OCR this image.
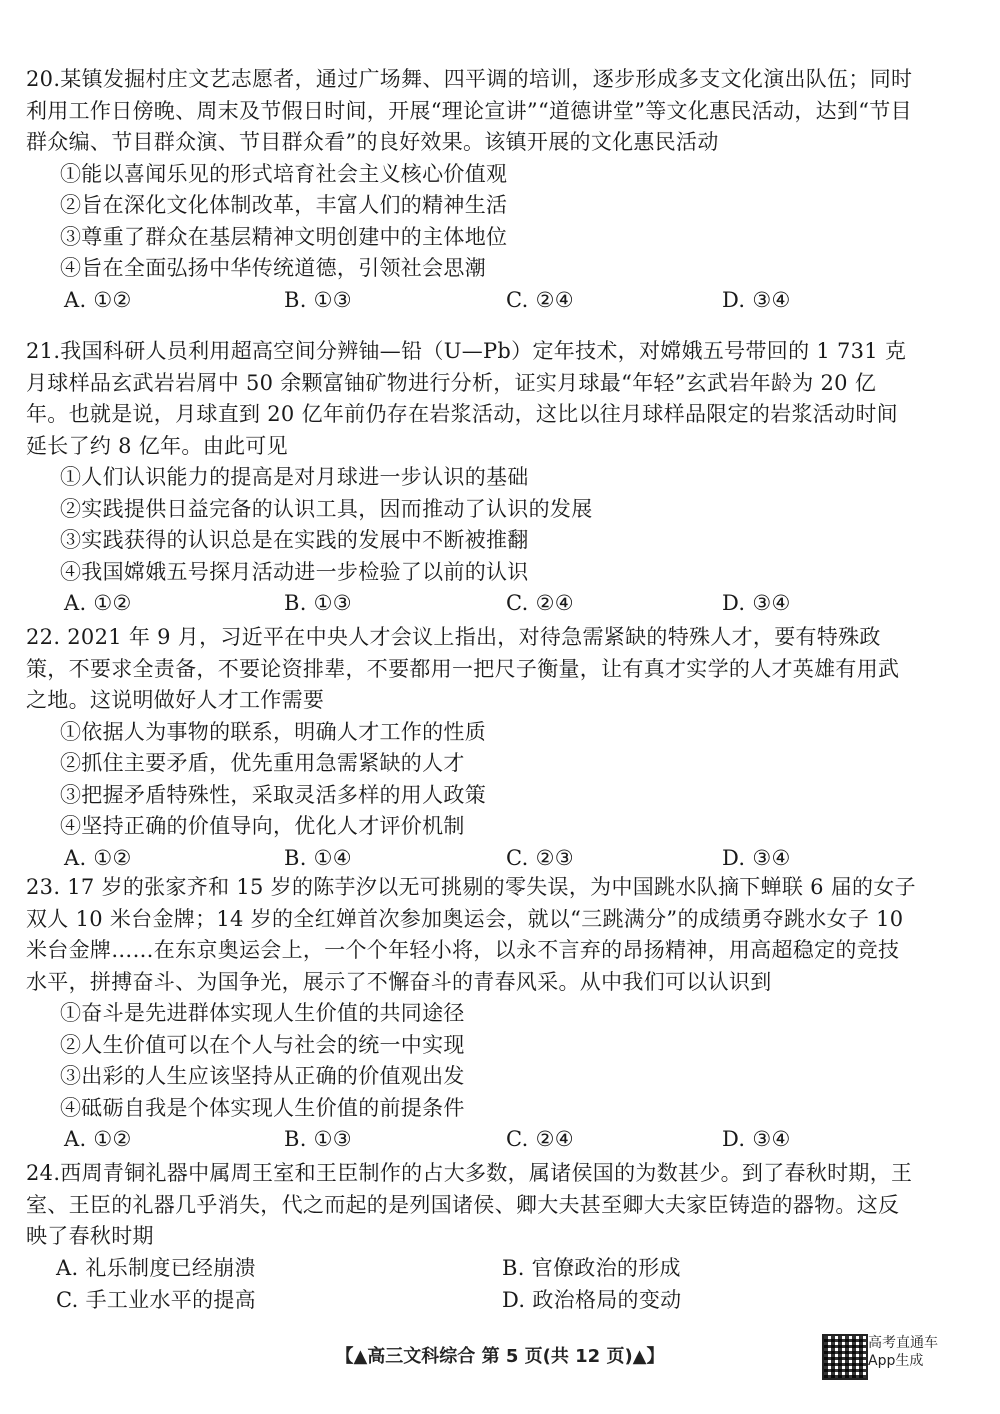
20.某镇发掘村庄文艺志愿者，通过广场舞、四平调的培训，逐步形成多支文化演出队伍；同时利用工作日傍晚、周末及节假日时间，开展“理论宣讲”“道德讲堂”等文化惠民活动，达到“节目群众编、节目群众演、节目群众看”的良好效果。该镇开展的文化惠民活动
①能以喜闻乐见的形式培育社会主义核心价值观
②旨在深化文化体制改革，丰富人们的精神生活
③尊重了群众在基层精神文明创建中的主体地位
④旨在全面弘扬中华传统道德，引领社会思潮
A. ①②	B. ①③	C. ②④	D. ③④
21.我国科研人员利用超高空间分辨铀—铅（U—Pb）定年技术，对嫦娥五号带回的 1 731 克月球样品玄武岩岩屑中 50 余颗富铀矿物进行分析，证实月球最“年轻”玄武岩年龄为 20 亿年。也就是说，月球直到 20 亿年前仍存在岩浆活动，这比以往月球样品限定的岩浆活动时间延长了约 8 亿年。由此可见
①人们认识能力的提高是对月球进一步认识的基础
②实践提供日益完备的认识工具，因而推动了认识的发展
③实践获得的认识总是在实践的发展中不断被推翻
④我国嫦娥五号探月活动进一步检验了以前的认识
A. ①②	B. ①③	C. ②④	D. ③④
22. 2021 年 9 月，习近平在中央人才会议上指出，对待急需紧缺的特殊人才，要有特殊政策，不要求全责备，不要论资排辈，不要都用一把尺子衡量，让有真才实学的人才英雄有用武之地。这说明做好人才工作需要
①依据人为事物的联系，明确人才工作的性质
②抓住主要矛盾，优先重用急需紧缺的人才
③把握矛盾特殊性，采取灵活多样的用人政策
④坚持正确的价值导向，优化人才评价机制
A. ①②	B. ①④	C. ②③	D. ③④
23. 17 岁的张家齐和 15 岁的陈芋汐以无可挑剔的零失误，为中国跳水队摘下蝉联 6 届的女子双人 10 米台金牌；14 岁的全红婵首次参加奥运会，就以“三跳满分”的成绩勇夺跳水女子 10 米台金牌……在东京奥运会上，一个个年轻小将，以永不言弃的昂扬精神，用高超稳定的竞技水平，拼搏奋斗、为国争光，展示了不懈奋斗的青春风采。从中我们可以认识到
①奋斗是先进群体实现人生价值的共同途径
②人生价值可以在个人与社会的统一中实现
③出彩的人生应该坚持从正确的价值观出发
④砥砺自我是个体实现人生价值的前提条件
A. ①②	B. ①③	C. ②④	D. ③④
24.西周青铜礼器中属周王室和王臣制作的占大多数，属诸侯国的为数甚少。到了春秋时期，王室、王臣的礼器几乎消失，代之而起的是列国诸侯、卿大夫甚至卿大夫家臣铸造的器物。这反映了春秋时期
A. 礼乐制度已经崩溃	B. 官僚政治的形成
C. 手工业水平的提高	D. 政治格局的变动
【▲高三文科综合 第 5 页(共 12 页)▲】
高考直通车
App生成
